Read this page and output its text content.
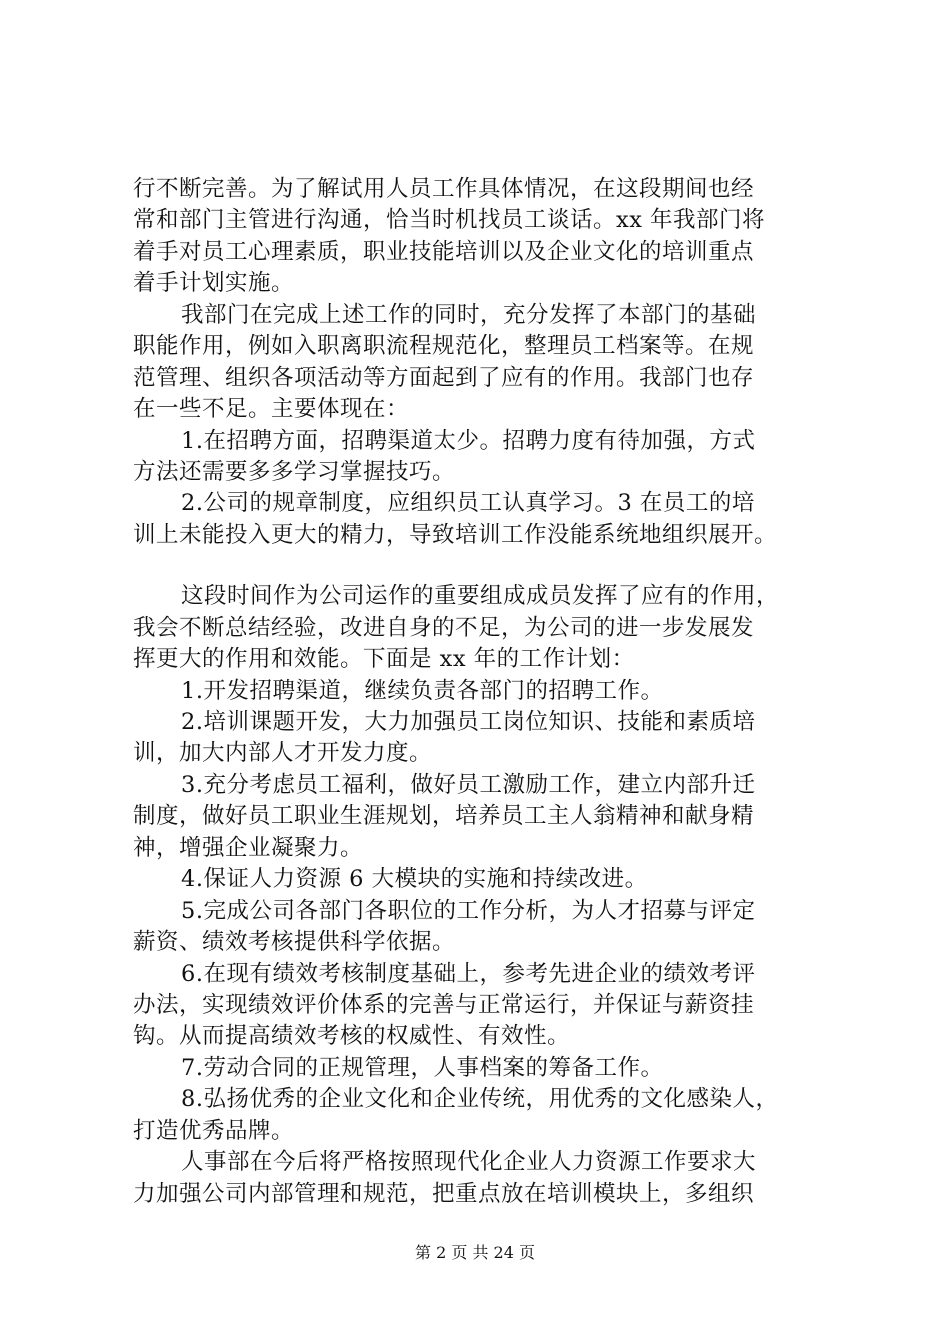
行不断完善。为了解试用人员工作具体情况，在这段期间也经
常和部门主管进行沟通，恰当时机找员工谈话。xx 年我部门将
着手对员工心理素质，职业技能培训以及企业文化的培训重点
着手计划实施。
我部门在完成上述工作的同时，充分发挥了本部门的基础
职能作用，例如入职离职流程规范化，整理员工档案等。在规
范管理、组织各项活动等方面起到了应有的作用。我部门也存
在一些不足。主要体现在：
1.在招聘方面，招聘渠道太少。招聘力度有待加强，方式
方法还需要多多学习掌握技巧。
2.公司的规章制度，应组织员工认真学习。3 在员工的培
训上未能投入更大的精力，导致培训工作没能系统地组织展开。
这段时间作为公司运作的重要组成成员发挥了应有的作用，
我会不断总结经验，改进自身的不足，为公司的进一步发展发
挥更大的作用和效能。下面是 xx 年的工作计划：
1.开发招聘渠道，继续负责各部门的招聘工作。
2.培训课题开发，大力加强员工岗位知识、技能和素质培
训，加大内部人才开发力度。
3.充分考虑员工福利，做好员工激励工作，建立内部升迁
制度，做好员工职业生涯规划，培养员工主人翁精神和献身精
神，增强企业凝聚力。
4.保证人力资源 6 大模块的实施和持续改进。
5.完成公司各部门各职位的工作分析，为人才招募与评定
薪资、绩效考核提供科学依据。
6.在现有绩效考核制度基础上，参考先进企业的绩效考评
办法，实现绩效评价体系的完善与正常运行，并保证与薪资挂
钩。从而提高绩效考核的权威性、有效性。
7.劳动合同的正规管理，人事档案的筹备工作。
8.弘扬优秀的企业文化和企业传统，用优秀的文化感染人，
打造优秀品牌。
人事部在今后将严格按照现代化企业人力资源工作要求大
力加强公司内部管理和规范，把重点放在培训模块上，多组织
第 2 页 共 24 页
